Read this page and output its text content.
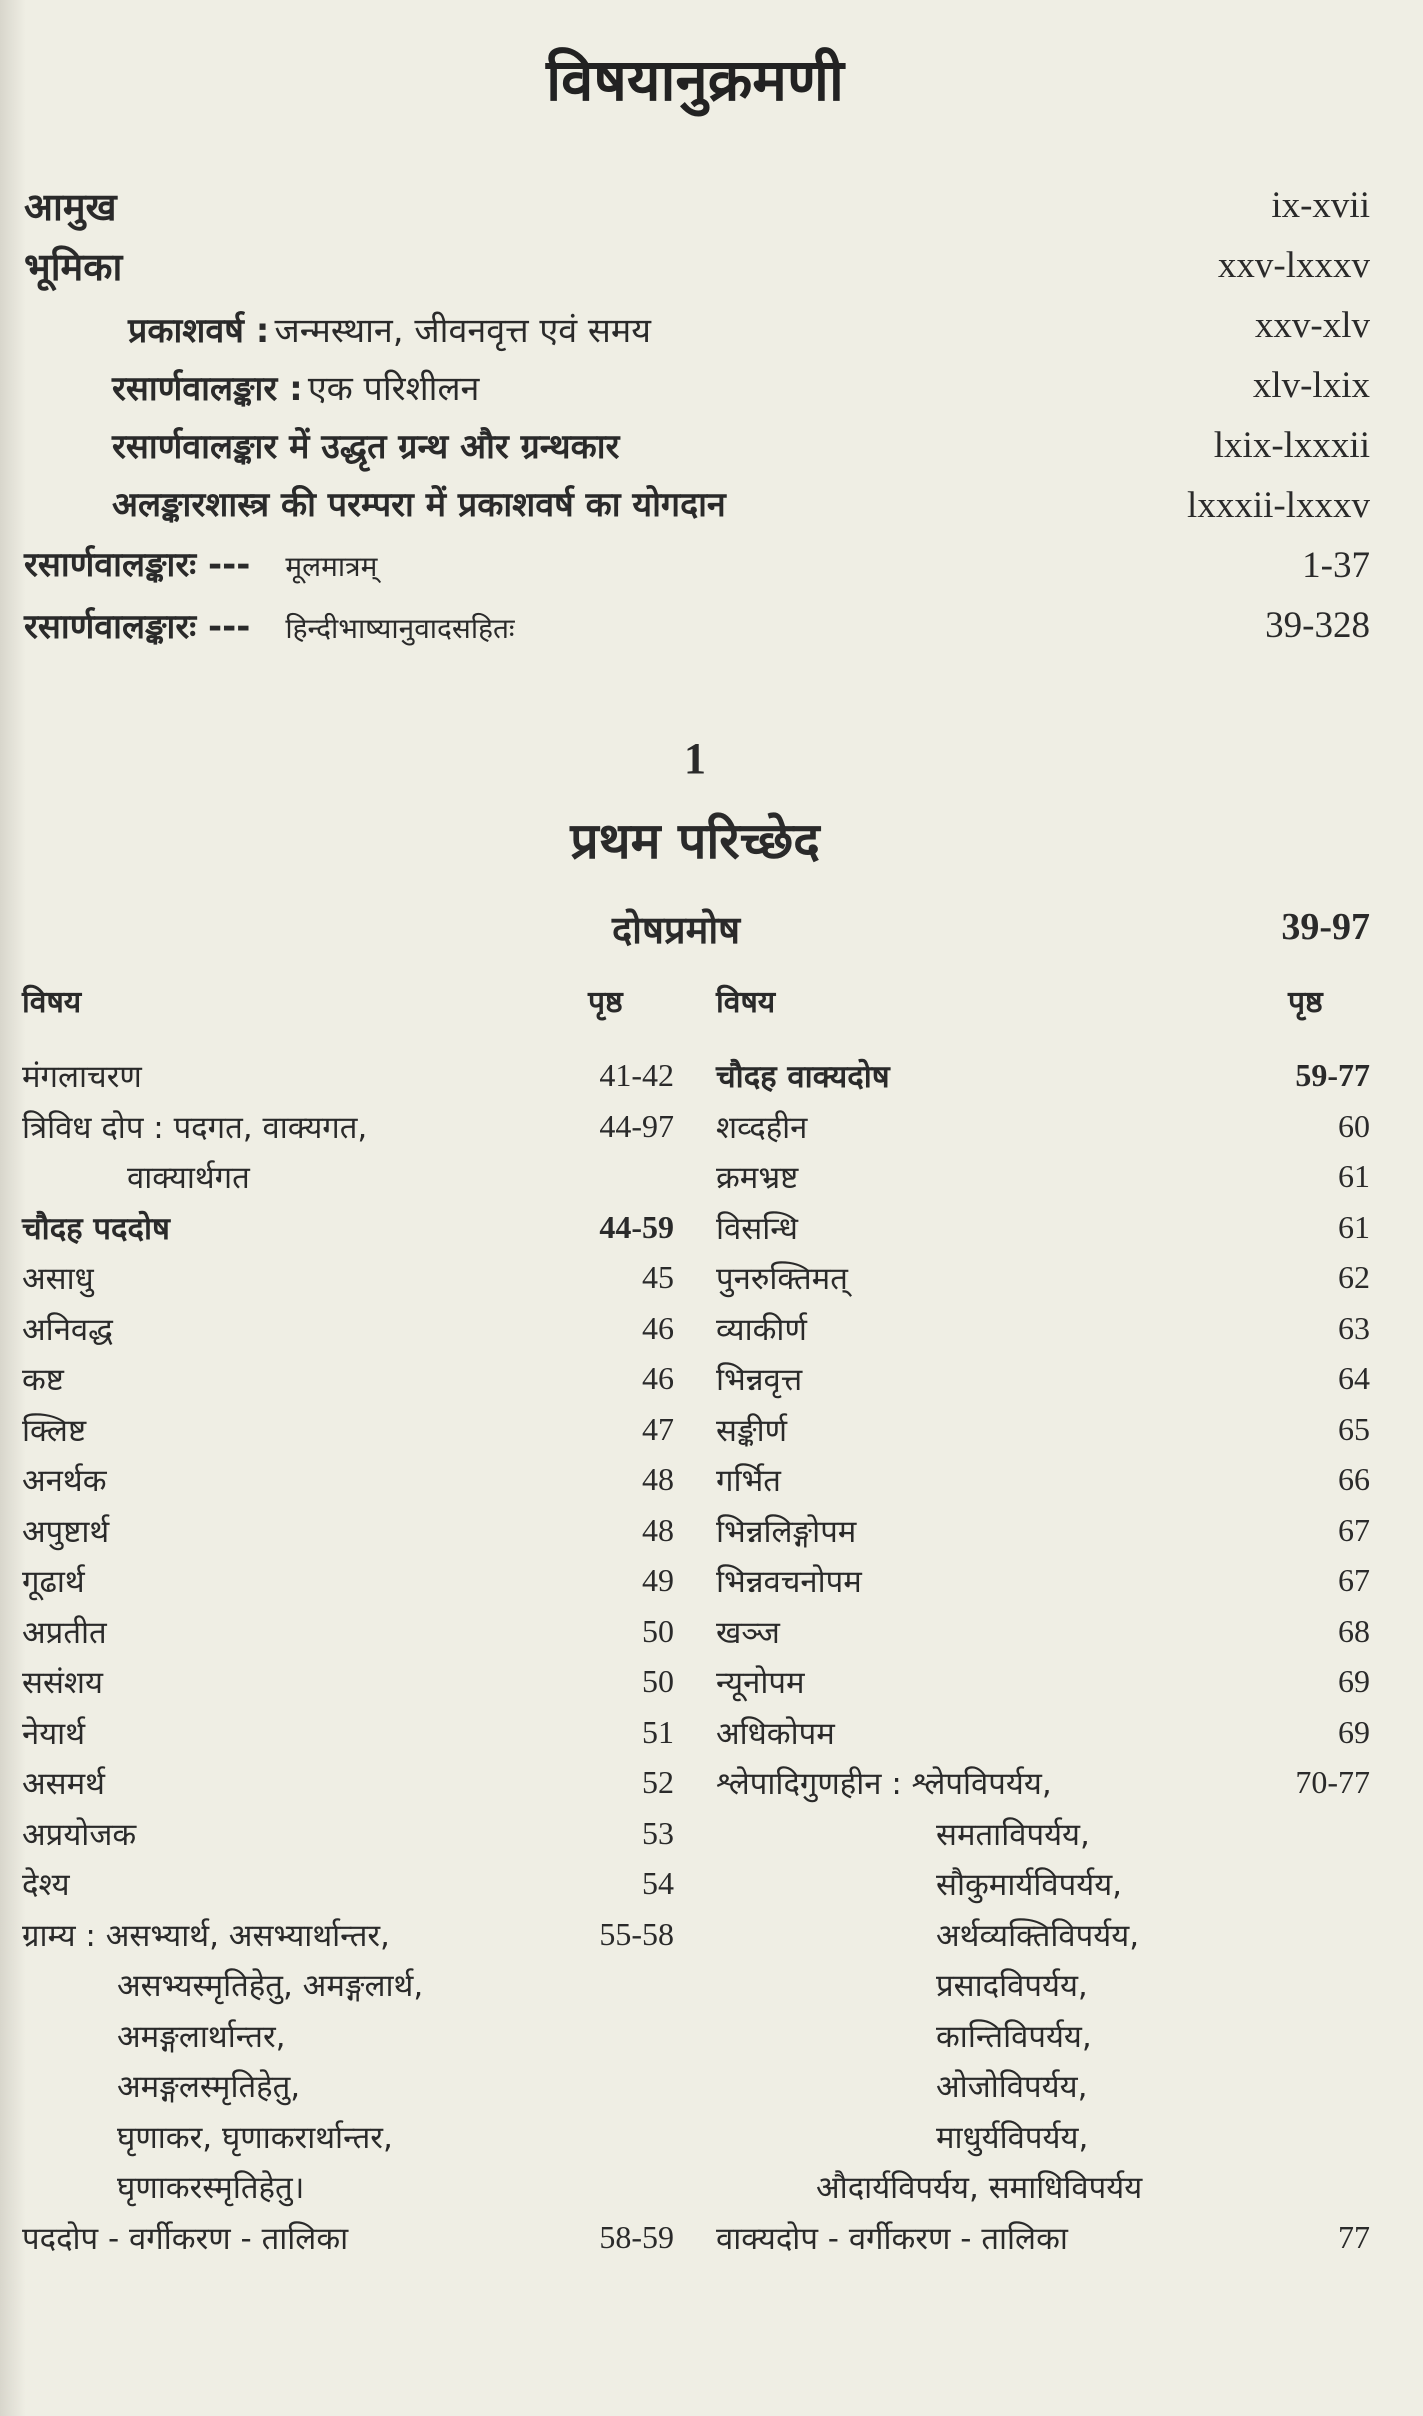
विषयानुक्रमणी
आमुख	ix-xvii
भूमिका	xxv-lxxxv
प्रकाशवर्ष : जन्मस्थान, जीवनवृत्त एवं समय	xxv-xlv
रसार्णवालङ्कार : एक परिशीलन	xlv-lxix
रसार्णवालङ्कार में उद्धृत ग्रन्थ और ग्रन्थकार	lxix-lxxxii
अलङ्कारशास्त्र की परम्परा में प्रकाशवर्ष का योगदान	lxxxii-lxxxv
रसार्णवालङ्कारः --- मूलमात्रम्	1-37
रसार्णवालङ्कारः --- हिन्दीभाष्यानुवादसहितः	39-328
1
प्रथम परिच्छेद
दोषप्रमोष	39-97
विषय	पृष्ठ	विषय	पृष्ठ
मंगलाचरण	41-42
त्रिविध दोप : पदगत, वाक्यगत,	44-97
वाक्यार्थगत
चौदह पददोष	44-59
असाधु	45
अनिवद्ध	46
कष्ट	46
क्लिष्ट	47
अनर्थक	48
अपुष्टार्थ	48
गूढार्थ	49
अप्रतीत	50
ससंशय	50
नेयार्थ	51
असमर्थ	52
अप्रयोजक	53
देश्य	54
ग्राम्य : असभ्यार्थ, असभ्यार्थान्तर,	55-58
असभ्यस्मृतिहेतु, अमङ्गलार्थ,
अमङ्गलार्थान्तर,
अमङ्गलस्मृतिहेतु,
घृणाकर, घृणाकरार्थान्तर,
घृणाकरस्मृतिहेतु।
पददोप - वर्गीकरण - तालिका	58-59
चौदह वाक्यदोष	59-77
शव्दहीन	60
क्रमभ्रष्ट	61
विसन्धि	61
पुनरुक्तिमत्	62
व्याकीर्ण	63
भिन्नवृत्त	64
सङ्कीर्ण	65
गर्भित	66
भिन्नलिङ्गोपम	67
भिन्नवचनोपम	67
खञ्ज	68
न्यूनोपम	69
अधिकोपम	69
श्लेपादिगुणहीन : श्लेपविपर्यय,	70-77
समताविपर्यय,
सौकुमार्यविपर्यय,
अर्थव्यक्तिविपर्यय,
प्रसादविपर्यय,
कान्तिविपर्यय,
ओजोविपर्यय,
माधुर्यविपर्यय,
औदार्यविपर्यय, समाधिविपर्यय
वाक्यदोप - वर्गीकरण - तालिका	77
